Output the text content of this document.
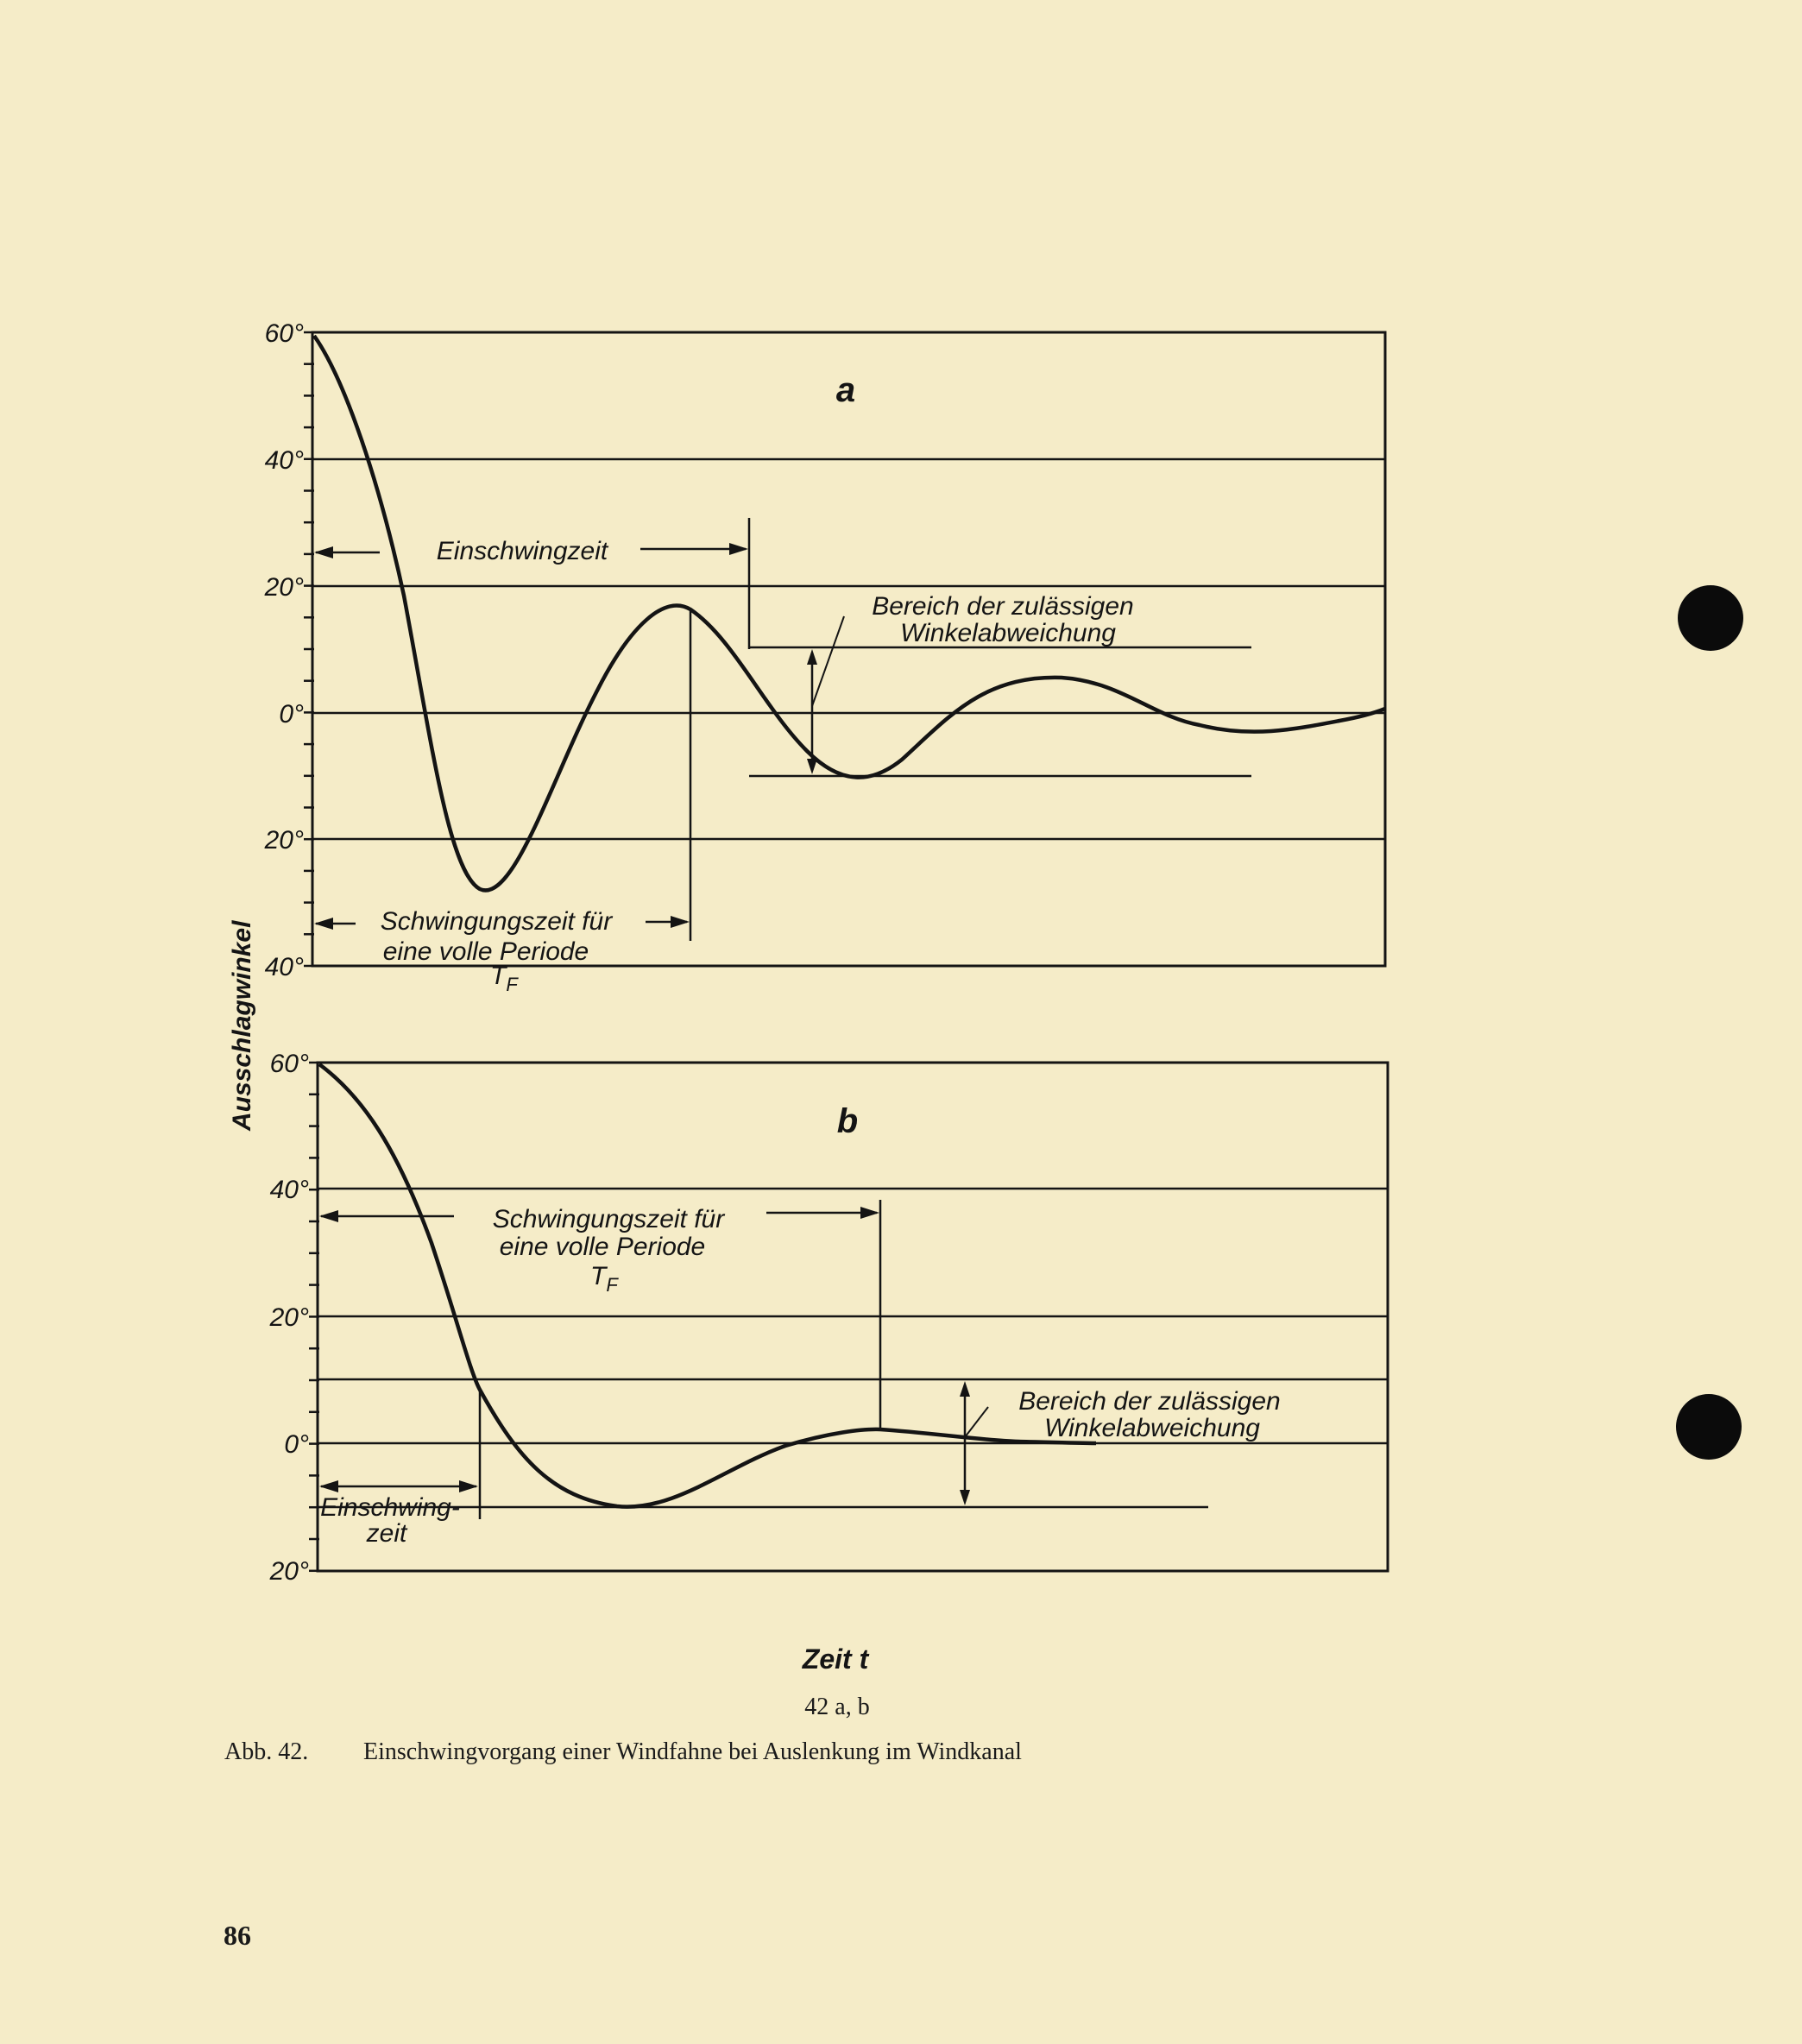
60°
40°
20°
0°
20°
40°
a
Bereich der zulässigen
Winkelabweichung
Einschwingzeit
Schwingungszeit für
eine volle Periode
$T_F$
60°
40°
20°
0°
20°
b
Bereich der zulässigen
Winkelabweichung
Schwingungszeit für
eine volle Periode
$T_F$
Einschwing-
zeit
Ausschlagwinkel
Zeit t
42 a, b
Abb. 42. Einschwingvorgang einer Windfahne bei Auslenkung im Windkanal
86
